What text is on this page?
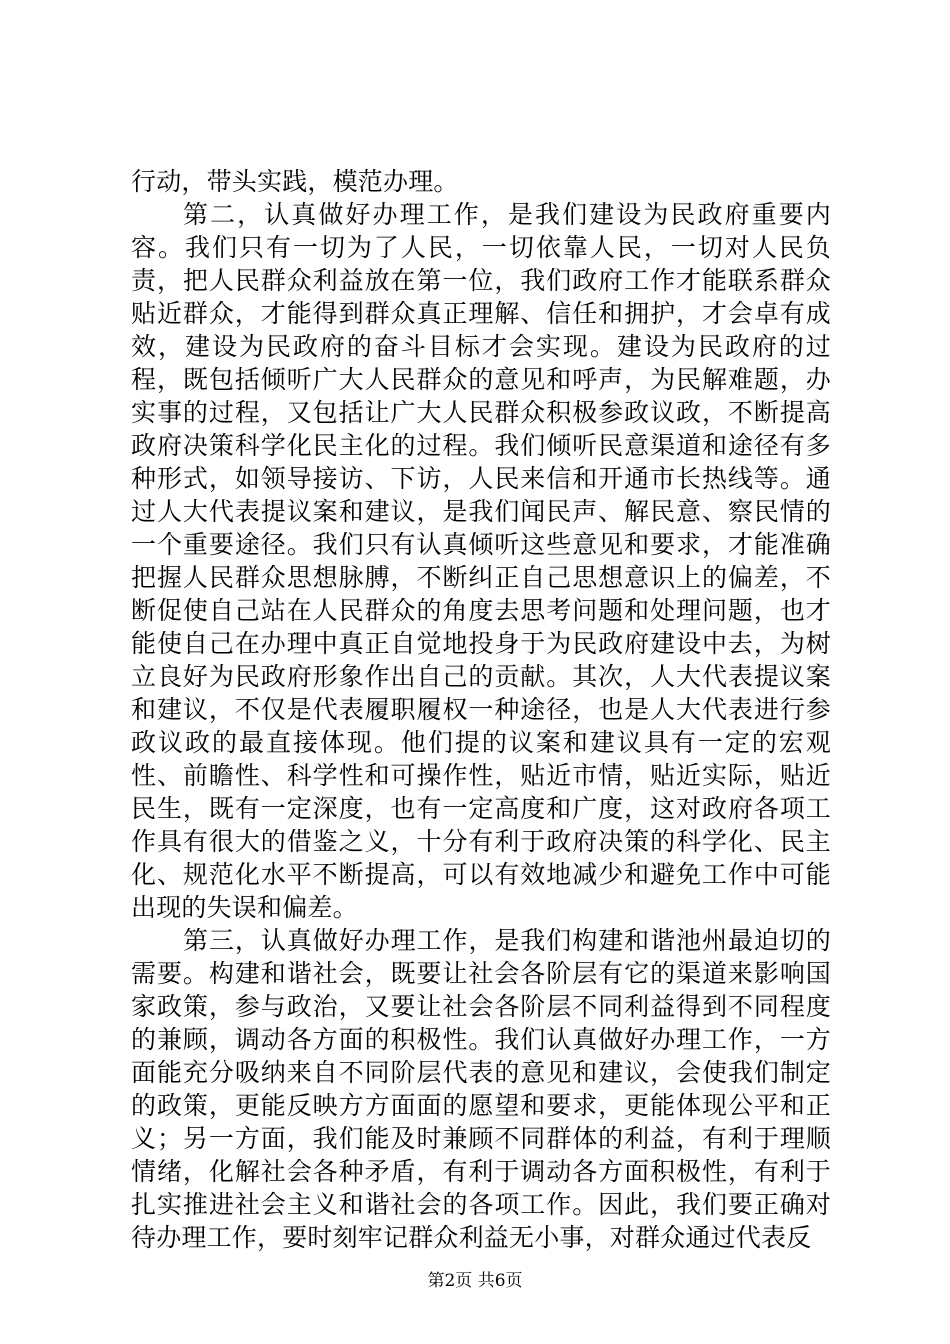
行动，带头实践，模范办理。

第二，认真做好办理工作，是我们建设为民政府重要内容。我们只有一切为了人民，一切依靠人民，一切对人民负责，把人民群众利益放在第一位，我们政府工作才能联系群众贴近群众，才能得到群众真正理解、信任和拥护，才会卓有成效，建设为民政府的奋斗目标才会实现。建设为民政府的过程，既包括倾听广大人民群众的意见和呼声，为民解难题，办实事的过程，又包括让广大人民群众积极参政议政，不断提高政府决策科学化民主化的过程。我们倾听民意渠道和途径有多种形式，如领导接访、下访，人民来信和开通市长热线等。通过人大代表提议案和建议，是我们闻民声、解民意、察民情的一个重要途径。我们只有认真倾听这些意见和要求，才能准确把握人民群众思想脉膊，不断纠正自己思想意识上的偏差，不断促使自己站在人民群众的角度去思考问题和处理问题，也才能使自己在办理中真正自觉地投身于为民政府建设中去，为树立良好为民政府形象作出自己的贡献。其次，人大代表提议案和建议，不仅是代表履职履权一种途径，也是人大代表进行参政议政的最直接体现。他们提的议案和建议具有一定的宏观性、前瞻性、科学性和可操作性，贴近市情，贴近实际，贴近民生，既有一定深度，也有一定高度和广度，这对政府各项工作具有很大的借鉴之义，十分有利于政府决策的科学化、民主化、规范化水平不断提高，可以有效地减少和避免工作中可能出现的失误和偏差。

第三，认真做好办理工作，是我们构建和谐池州最迫切的需要。构建和谐社会，既要让社会各阶层有它的渠道来影响国家政策，参与政治，又要让社会各阶层不同利益得到不同程度的兼顾，调动各方面的积极性。我们认真做好办理工作，一方面能充分吸纳来自不同阶层代表的意见和建议，会使我们制定的政策，更能反映方方面面的愿望和要求，更能体现公平和正义；另一方面，我们能及时兼顾不同群体的利益，有利于理顺情绪，化解社会各种矛盾，有利于调动各方面积极性，有利于扎实推进社会主义和谐社会的各项工作。因此，我们要正确对待办理工作，要时刻牢记群众利益无小事，对群众通过代表反

第2页 共6页
